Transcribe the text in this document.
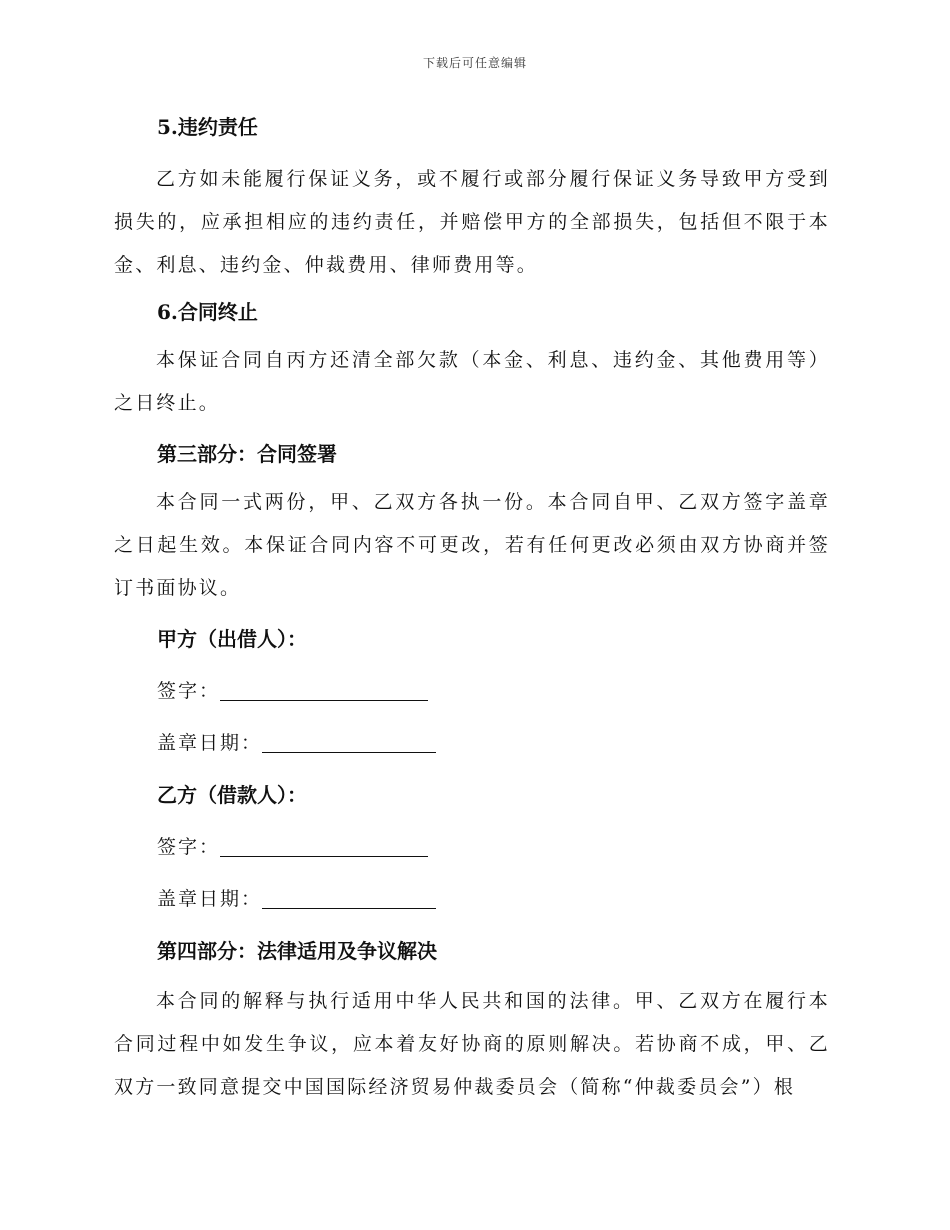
下载后可任意编辑

5.违约责任

乙方如未能履行保证义务，或不履行或部分履行保证义务导致甲方受到损失的，应承担相应的违约责任，并赔偿甲方的全部损失，包括但不限于本金、利息、违约金、仲裁费用、律师费用等。

6.合同终止

本保证合同自丙方还清全部欠款（本金、利息、违约金、其他费用等）之日终止。

第三部分：合同签署

本合同一式两份，甲、乙双方各执一份。本合同自甲、乙双方签字盖章之日起生效。本保证合同内容不可更改，若有任何更改必须由双方协商并签订书面协议。

甲方（出借人）：

签字：

盖章日期：

乙方（借款人）：

签字：

盖章日期：

第四部分：法律适用及争议解决

本合同的解释与执行适用中华人民共和国的法律。甲、乙双方在履行本合同过程中如发生争议，应本着友好协商的原则解决。若协商不成，甲、乙双方一致同意提交中国国际经济贸易仲裁委员会（简称“仲裁委员会”）根
